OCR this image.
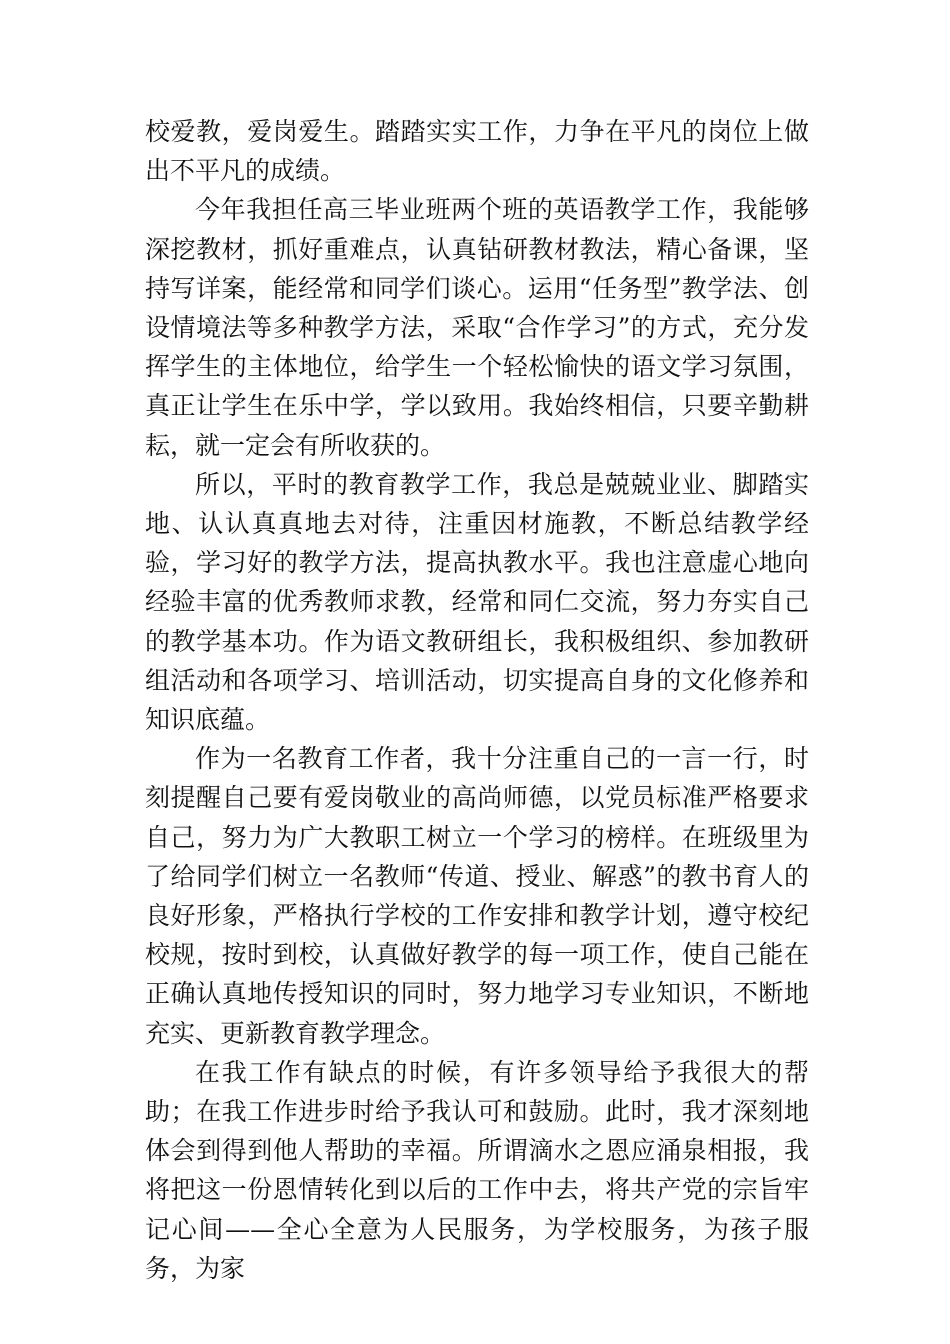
校爱教，爱岗爱生。踏踏实实工作，力争在平凡的岗位上做出不平凡的成绩。

今年我担任高三毕业班两个班的英语教学工作，我能够深挖教材，抓好重难点，认真钻研教材教法，精心备课，坚持写详案，能经常和同学们谈心。运用“任务型”教学法、创设情境法等多种教学方法，采取“合作学习”的方式，充分发挥学生的主体地位，给学生一个轻松愉快的语文学习氛围，真正让学生在乐中学，学以致用。我始终相信，只要辛勤耕耘，就一定会有所收获的。

所以，平时的教育教学工作，我总是兢兢业业、脚踏实地、认认真真地去对待，注重因材施教，不断总结教学经验，学习好的教学方法，提高执教水平。我也注意虚心地向经验丰富的优秀教师求教，经常和同仁交流，努力夯实自己的教学基本功。作为语文教研组长，我积极组织、参加教研组活动和各项学习、培训活动，切实提高自身的文化修养和知识底蕴。

作为一名教育工作者，我十分注重自己的一言一行，时刻提醒自己要有爱岗敬业的高尚师德，以党员标准严格要求自己，努力为广大教职工树立一个学习的榜样。在班级里为了给同学们树立一名教师“传道、授业、解惑”的教书育人的良好形象，严格执行学校的工作安排和教学计划，遵守校纪校规，按时到校，认真做好教学的每一项工作，使自己能在正确认真地传授知识的同时，努力地学习专业知识，不断地充实、更新教育教学理念。

在我工作有缺点的时候，有许多领导给予我很大的帮助；在我工作进步时给予我认可和鼓励。此时，我才深刻地体会到得到他人帮助的幸福。所谓滴水之恩应涌泉相报，我将把这一份恩情转化到以后的工作中去，将共产党的宗旨牢记心间——全心全意为人民服务，为学校服务，为孩子服务，为家
